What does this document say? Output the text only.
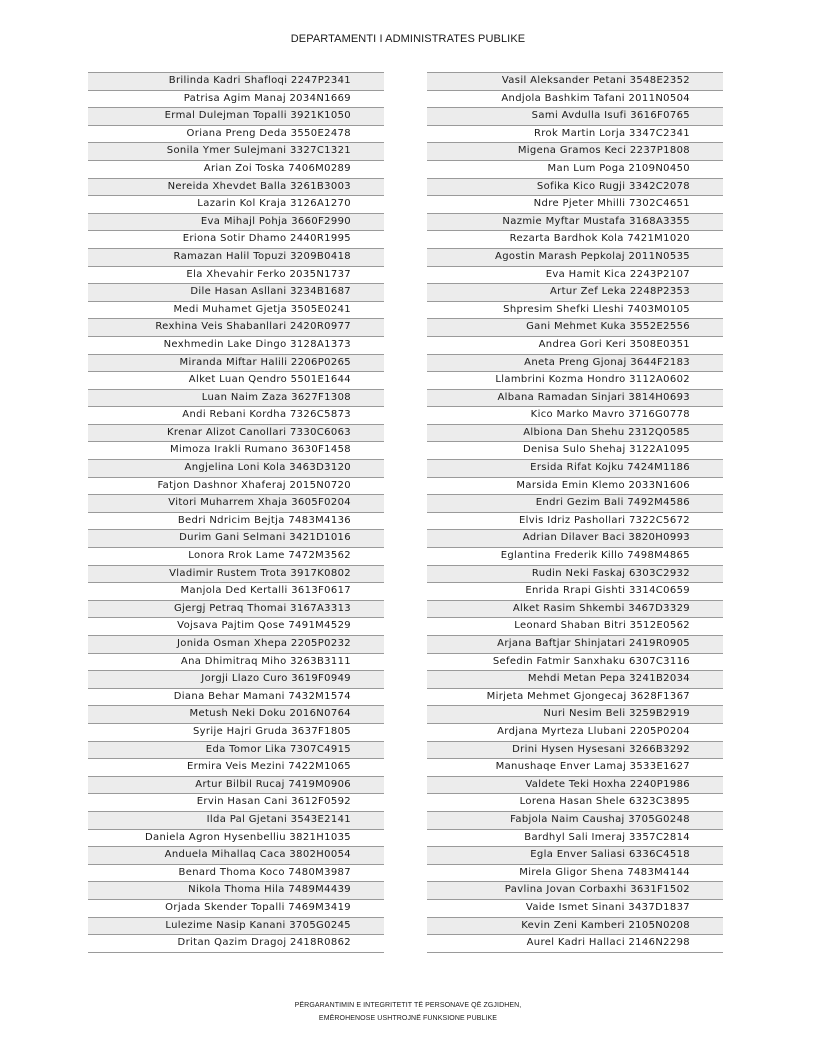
DEPARTAMENTI I ADMINISTRATES PUBLIKE
Brilinda Kadri Shafloqi 2247P2341
Patrisa Agim Manaj 2034N1669
Ermal Dulejman Topalli 3921K1050
Oriana Preng Deda 3550E2478
Sonila Ymer Sulejmani 3327C1321
Arian Zoi Toska 7406M0289
Nereida Xhevdet Balla 3261B3003
Lazarin Kol Kraja 3126A1270
Eva Mihajl Pohja 3660F2990
Eriona Sotir Dhamo 2440R1995
Ramazan Halil Topuzi 3209B0418
Ela Xhevahir Ferko 2035N1737
Dile Hasan Asllani 3234B1687
Medi Muhamet Gjetja 3505E0241
Rexhina Veis Shabanllari 2420R0977
Nexhmedin Lake Dingo 3128A1373
Miranda Miftar Halili 2206P0265
Alket Luan Qendro 5501E1644
Luan Naim Zaza 3627F1308
Andi Rebani Kordha 7326C5873
Krenar Alizot Canollari 7330C6063
Mimoza Irakli Rumano 3630F1458
Angjelina Loni Kola 3463D3120
Fatjon Dashnor Xhaferaj 2015N0720
Vitori Muharrem Xhaja 3605F0204
Bedri Ndricim Bejtja 7483M4136
Durim Gani Selmani 3421D1016
Lonora Rrok Lame 7472M3562
Vladimir Rustem Trota 3917K0802
Manjola Ded Kertalli 3613F0617
Gjergj Petraq Thomai 3167A3313
Vojsava Pajtim Qose 7491M4529
Jonida Osman Xhepa 2205P0232
Ana Dhimitraq Miho 3263B3111
Jorgji Llazo Curo 3619F0949
Diana Behar Mamani 7432M1574
Metush Neki Doku 2016N0764
Syrije Hajri Gruda 3637F1805
Eda Tomor Lika 7307C4915
Ermira Veis Mezini 7422M1065
Artur Bilbil Rucaj 7419M0906
Ervin Hasan Cani 3612F0592
Ilda Pal Gjetani 3543E2141
Daniela Agron Hysenbelliu 3821H1035
Anduela Mihallaq Caca 3802H0054
Benard Thoma Koco 7480M3987
Nikola Thoma Hila 7489M4439
Orjada Skender Topalli 7469M3419
Lulezime Nasip Kanani 3705G0245
Dritan Qazim Dragoj 2418R0862
Vasil Aleksander Petani 3548E2352
Andjola Bashkim Tafani 2011N0504
Sami Avdulla Isufi 3616F0765
Rrok Martin Lorja 3347C2341
Migena Gramos Keci 2237P1808
Man Lum Poga 2109N0450
Sofika Kico Rugji 3342C2078
Ndre Pjeter Mhilli 7302C4651
Nazmie Myftar Mustafa 3168A3355
Rezarta Bardhok Kola 7421M1020
Agostin Marash Pepkolaj 2011N0535
Eva Hamit Kica 2243P2107
Artur Zef Leka 2248P2353
Shpresim Shefki Lleshi 7403M0105
Gani Mehmet Kuka 3552E2556
Andrea Gori Keri 3508E0351
Aneta Preng Gjonaj 3644F2183
Llambrini Kozma Hondro 3112A0602
Albana Ramadan Sinjari 3814H0693
Kico Marko Mavro 3716G0778
Albiona Dan Shehu 2312Q0585
Denisa Sulo Shehaj 3122A1095
Ersida Rifat Kojku 7424M1186
Marsida Emin Klemo 2033N1606
Endri Gezim Bali 7492M4586
Elvis Idriz Pashollari 7322C5672
Adrian Dilaver Baci 3820H0993
Eglantina Frederik Killo 7498M4865
Rudin Neki Faskaj 6303C2932
Enrida Rrapi Gishti 3314C0659
Alket Rasim Shkembi 3467D3329
Leonard Shaban Bitri 3512E0562
Arjana Baftjar Shinjatari 2419R0905
Sefedin Fatmir Sanxhaku 6307C3116
Mehdi Metan Pepa 3241B2034
Mirjeta Mehmet Gjongecaj 3628F1367
Nuri Nesim Beli 3259B2919
Ardjana Myrteza Llubani 2205P0204
Drini Hysen Hysesani 3266B3292
Manushaqe Enver Lamaj 3533E1627
Valdete Teki Hoxha 2240P1986
Lorena Hasan Shele 6323C3895
Fabjola Naim Caushaj 3705G0248
Bardhyl Sali Imeraj 3357C2814
Egla Enver Saliasi 6336C4518
Mirela Gligor Shena 7483M4144
Pavlina Jovan Corbaxhi 3631F1502
Vaide Ismet Sinani 3437D1837
Kevin Zeni Kamberi 2105N0208
Aurel Kadri Hallaci 2146N2298
PËRGARANTIMIN E INTEGRITETIT TË PERSONAVE QË ZGJIDHEN,
EMËROHENOSE USHTROJNË FUNKSIONE PUBLIKE
